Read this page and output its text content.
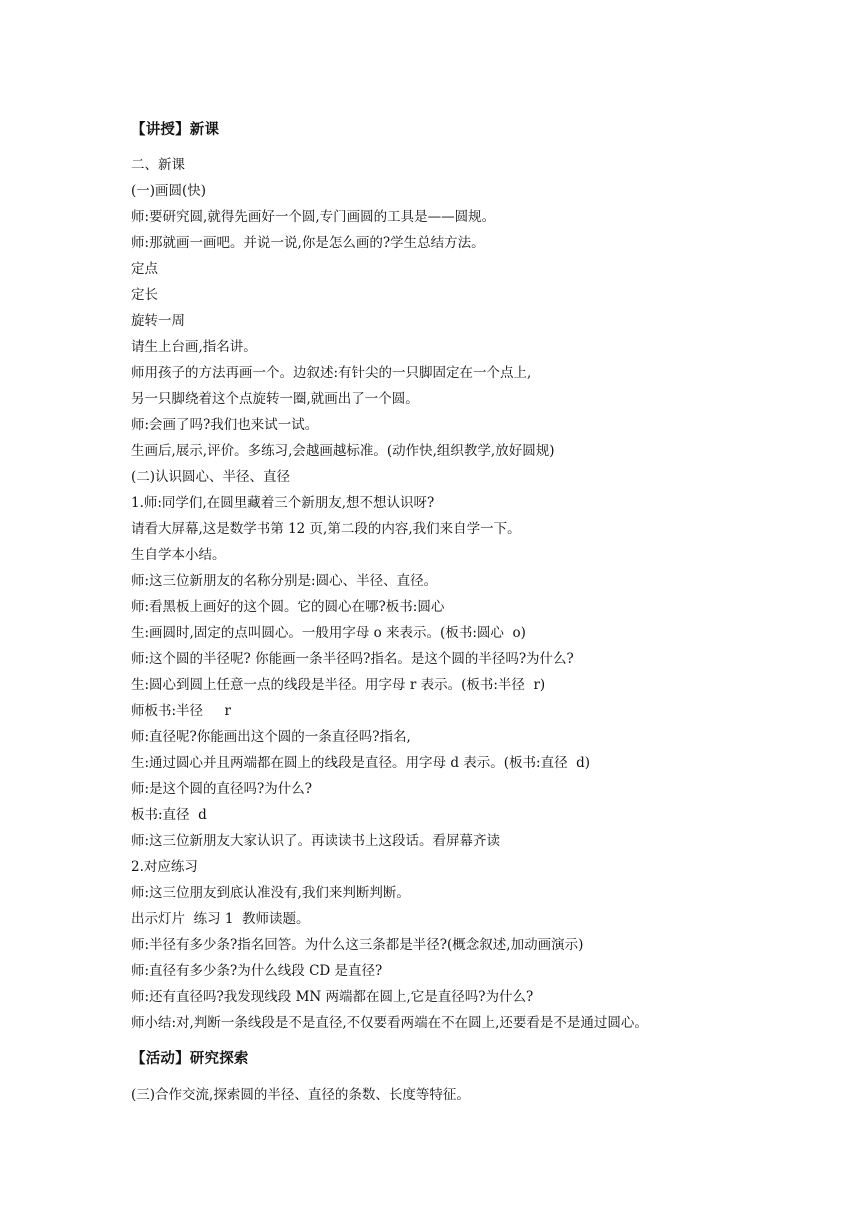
【讲授】新课
二、新课
(一)画圆(快)
师:要研究圆,就得先画好一个圆,专门画圆的工具是——圆规。
师:那就画一画吧。并说一说,你是怎么画的?学生总结方法。
定点
定长
旋转一周
请生上台画,指名讲。
师用孩子的方法再画一个。边叙述:有针尖的一只脚固定在一个点上,
另一只脚绕着这个点旋转一圈,就画出了一个圆。
师:会画了吗?我们也来试一试。
生画后,展示,评价。多练习,会越画越标准。(动作快,组织教学,放好圆规)
(二)认识圆心、半径、直径
1.师:同学们,在圆里藏着三个新朋友,想不想认识呀?
请看大屏幕,这是数学书第 12 页,第二段的内容,我们来自学一下。
生自学本小结。
师:这三位新朋友的名称分别是:圆心、半径、直径。
师:看黑板上画好的这个圆。它的圆心在哪?板书:圆心
生:画圆时,固定的点叫圆心。一般用字母 o 来表示。(板书:圆心  o)
师:这个圆的半径呢? 你能画一条半径吗?指名。是这个圆的半径吗?为什么?
生:圆心到圆上任意一点的线段是半径。用字母 r 表示。(板书:半径  r)
师板书:半径     r
师:直径呢?你能画出这个圆的一条直径吗?指名,
生:通过圆心并且两端都在圆上的线段是直径。用字母 d 表示。(板书:直径  d)
师:是这个圆的直径吗?为什么?
板书:直径  d
师:这三位新朋友大家认识了。再读读书上这段话。看屏幕齐读
2.对应练习
师:这三位朋友到底认准没有,我们来判断判断。
出示灯片  练习 1  教师读题。
师:半径有多少条?指名回答。为什么这三条都是半径?(概念叙述,加动画演示)
师:直径有多少条?为什么线段 CD 是直径?
师:还有直径吗?我发现线段 MN 两端都在圆上,它是直径吗?为什么?
师小结:对,判断一条线段是不是直径,不仅要看两端在不在圆上,还要看是不是通过圆心。
【活动】研究探索
(三)合作交流,探索圆的半径、直径的条数、长度等特征。
